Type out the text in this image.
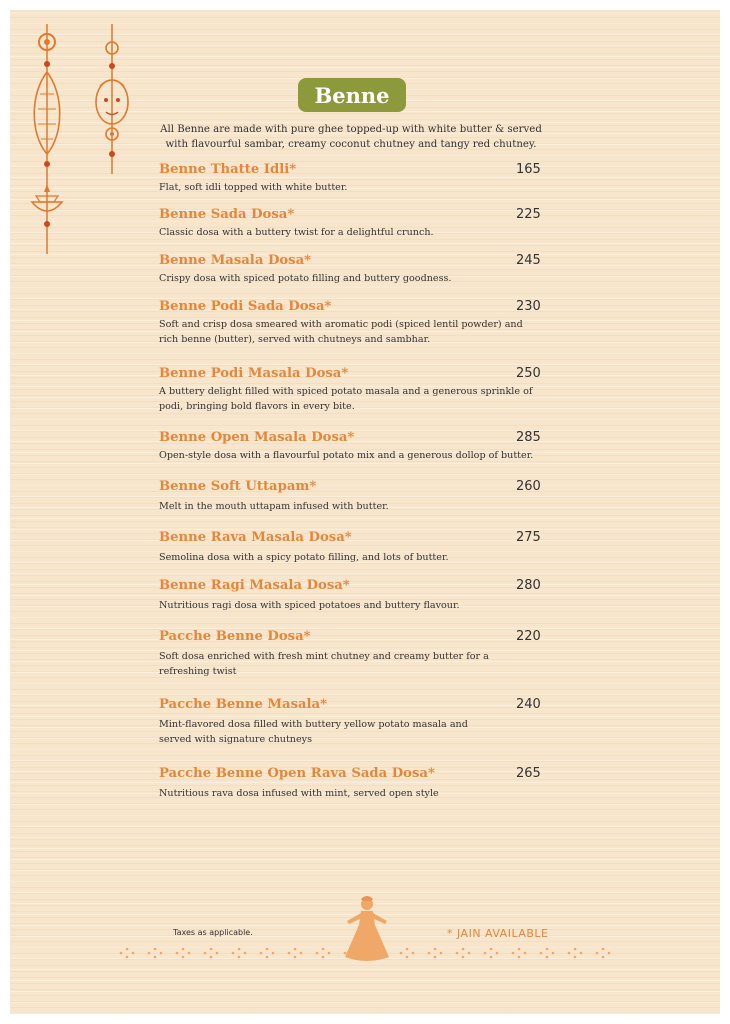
Benne
All Benne are made with pure ghee topped-up with white butter & served with flavourful sambar, creamy coconut chutney and tangy red chutney.
Benne Thatte Idli*	165
Flat, soft idli topped with white butter.
Benne Sada Dosa*	225
Classic dosa with a buttery twist for a delightful crunch.
Benne Masala Dosa*	245
Crispy dosa with spiced potato filling and buttery goodness.
Benne Podi Sada Dosa*	230
Soft and crisp dosa smeared with aromatic podi (spiced lentil powder) and rich benne (butter), served with chutneys and sambhar.
Benne Podi Masala Dosa*	250
A buttery delight filled with spiced potato masala and a generous sprinkle of podi, bringing bold flavors in every bite.
Benne Open Masala Dosa*	285
Open-style dosa with a flavourful potato mix and a generous dollop of butter.
Benne Soft Uttapam*	260
Melt in the mouth uttapam infused with butter.
Benne Rava Masala Dosa*	275
Semolina dosa with a spicy potato filling, and lots of butter.
Benne Ragi Masala Dosa*	280
Nutritious ragi dosa with spiced potatoes and buttery flavour.
Pacche Benne Dosa*	220
Soft dosa enriched with fresh mint chutney and creamy butter for a refreshing twist
Pacche Benne Masala*	240
Mint-flavored dosa filled with buttery yellow potato masala and served with signature chutneys
Pacche Benne Open Rava Sada Dosa*	265
Nutritious rava dosa infused with mint, served open style
Taxes as applicable.	* JAIN AVAILABLE
